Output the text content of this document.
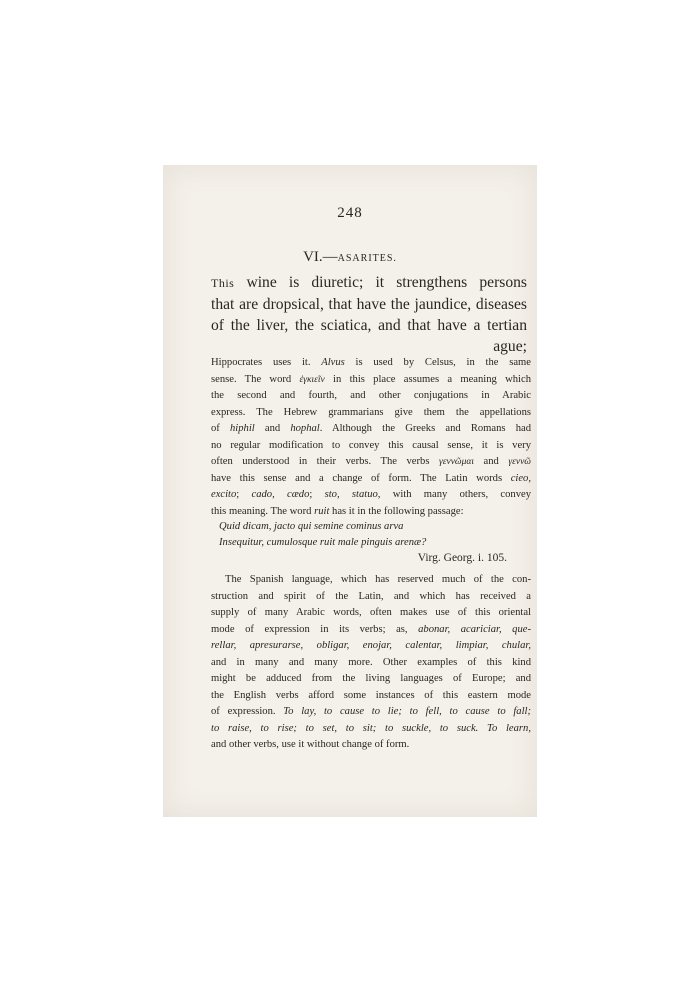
248
VI.—ASARITES.
This wine is diuretic; it strengthens persons
that are dropsical, that have the jaundice, diseases
of the liver, the sciatica, and that have a tertian
ague;
Hippocrates uses it. Alvus is used by Celsus, in the same
sense. The word ἐγκιεῖν in this place assumes a meaning which
the second and fourth, and other conjugations in Arabic
express. The Hebrew grammarians give them the appellations
of hiphil and hophal. Although the Greeks and Romans had
no regular modification to convey this causal sense, it is very
often understood in their verbs. The verbs γεννῶμαι and γεννῶ
have this sense and a change of form. The Latin words cieo,
excito; cado, cædo; sto, statuo, with many others, convey
this meaning. The word ruit has it in the following passage:
Quid dicam, jacto qui semine cominus arva
Insequitur, cumulosque ruit male pinguis arenæ?
Virg. Georg. i. 105.
The Spanish language, which has reserved much of the con-
struction and spirit of the Latin, and which has received a
supply of many Arabic words, often makes use of this oriental
mode of expression in its verbs; as, abonar, acariciar, que-
rellar, apresurarse, obligar, enojar, calentar, limpiar, chular,
and in many and many more. Other examples of this kind
might be adduced from the living languages of Europe; and
the English verbs afford some instances of this eastern mode
of expression. To lay, to cause to lie; to fell, to cause to fall;
to raise, to rise; to set, to sit; to suckle, to suck. To learn,
and other verbs, use it without change of form.
